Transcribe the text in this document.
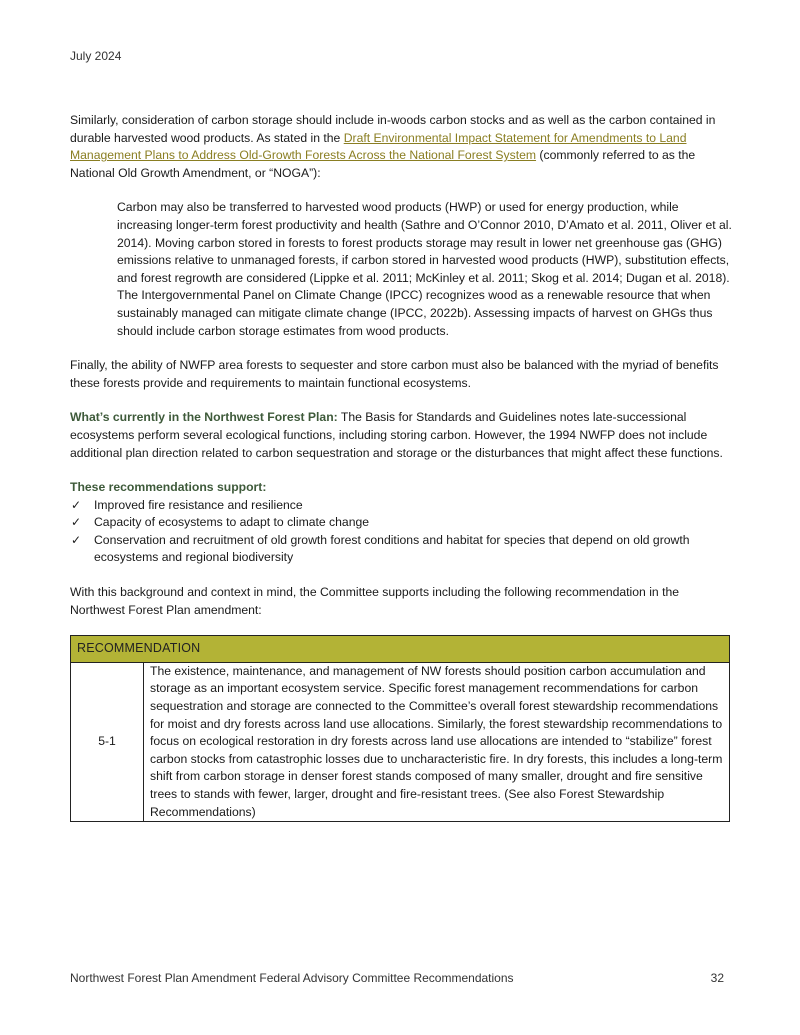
July 2024

Similarly, consideration of carbon storage should include in-woods carbon stocks and as well as the carbon contained in durable harvested wood products. As stated in the Draft Environmental Impact Statement for Amendments to Land Management Plans to Address Old-Growth Forests Across the National Forest System (commonly referred to as the National Old Growth Amendment, or “NOGA”):

Carbon may also be transferred to harvested wood products (HWP) or used for energy production, while increasing longer-term forest productivity and health (Sathre and O’Connor 2010, D’Amato et al. 2011, Oliver et al. 2014). Moving carbon stored in forests to forest products storage may result in lower net greenhouse gas (GHG) emissions relative to unmanaged forests, if carbon stored in harvested wood products (HWP), substitution effects, and forest regrowth are considered (Lippke et al. 2011; McKinley et al. 2011; Skog et al. 2014; Dugan et al. 2018). The Intergovernmental Panel on Climate Change (IPCC) recognizes wood as a renewable resource that when sustainably managed can mitigate climate change (IPCC, 2022b). Assessing impacts of harvest on GHGs thus should include carbon storage estimates from wood products.

Finally, the ability of NWFP area forests to sequester and store carbon must also be balanced with the myriad of benefits these forests provide and requirements to maintain functional ecosystems.

What’s currently in the Northwest Forest Plan: The Basis for Standards and Guidelines notes late-successional ecosystems perform several ecological functions, including storing carbon. However, the 1994 NWFP does not include additional plan direction related to carbon sequestration and storage or the disturbances that might affect these functions.

These recommendations support:

✓ Improved fire resistance and resilience
✓ Capacity of ecosystems to adapt to climate change
✓ Conservation and recruitment of old growth forest conditions and habitat for species that depend on old growth ecosystems and regional biodiversity

With this background and context in mind, the Committee supports including the following recommendation in the Northwest Forest Plan amendment:

RECOMMENDATION
5-1	The existence, maintenance, and management of NW forests should position carbon accumulation and storage as an important ecosystem service. Specific forest management recommendations for carbon sequestration and storage are connected to the Committee’s overall forest stewardship recommendations for moist and dry forests across land use allocations. Similarly, the forest stewardship recommendations to focus on ecological restoration in dry forests across land use allocations are intended to “stabilize” forest carbon stocks from catastrophic losses due to uncharacteristic fire. In dry forests, this includes a long-term shift from carbon storage in denser forest stands composed of many smaller, drought and fire sensitive trees to stands with fewer, larger, drought and fire-resistant trees. (See also Forest Stewardship Recommendations)
Northwest Forest Plan Amendment Federal Advisory Committee Recommendations	32
